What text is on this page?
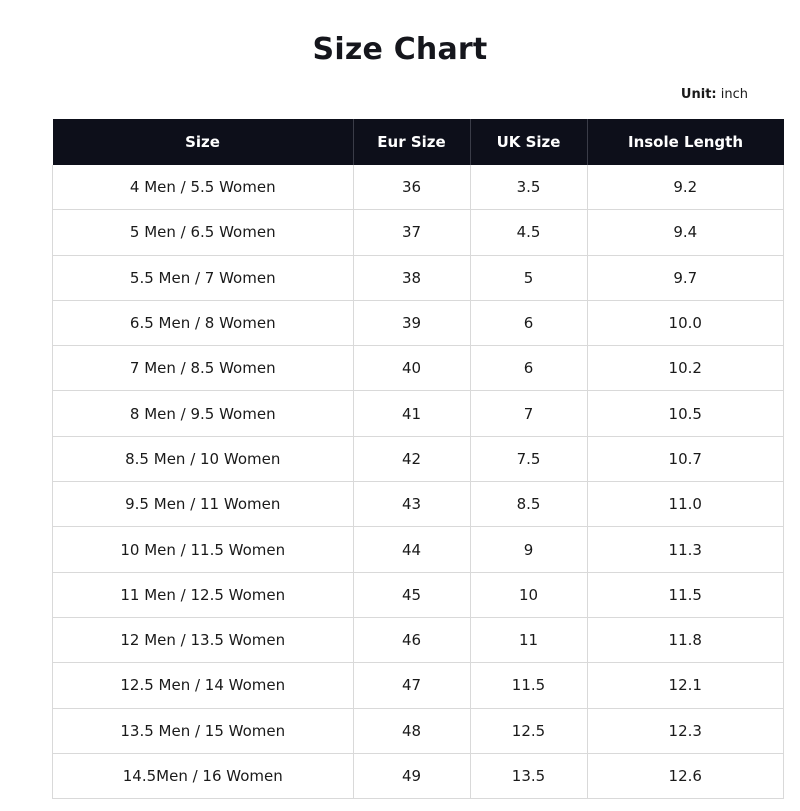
Size Chart
Unit: inch
Size	Eur Size	UK Size	Insole Length
4 Men / 5.5 Women	36	3.5	9.2
5 Men / 6.5 Women	37	4.5	9.4
5.5 Men / 7 Women	38	5	9.7
6.5 Men / 8 Women	39	6	10.0
7 Men / 8.5 Women	40	6	10.2
8 Men / 9.5 Women	41	7	10.5
8.5 Men / 10 Women	42	7.5	10.7
9.5 Men / 11 Women	43	8.5	11.0
10 Men / 11.5 Women	44	9	11.3
11 Men / 12.5 Women	45	10	11.5
12 Men / 13.5 Women	46	11	11.8
12.5 Men / 14 Women	47	11.5	12.1
13.5 Men / 15 Women	48	12.5	12.3
14.5Men / 16 Women	49	13.5	12.6
